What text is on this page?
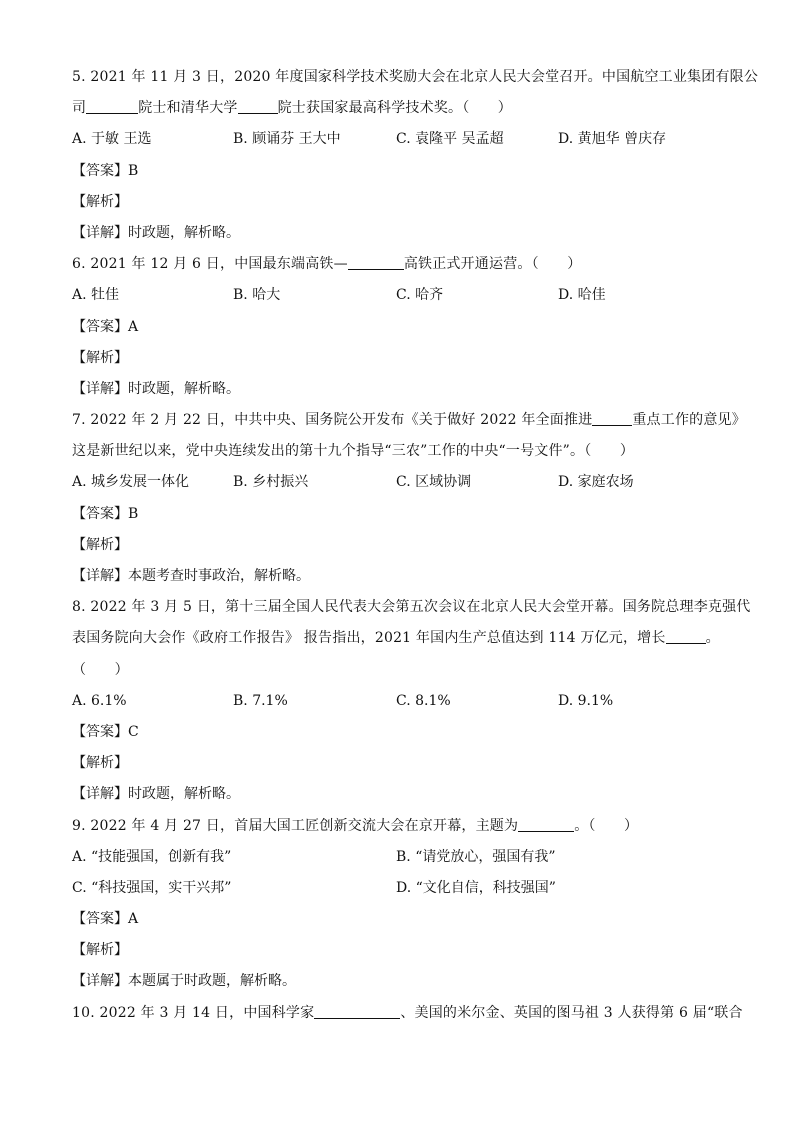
5. 2021 年 11 月 3 日，2020 年度国家科学技术奖励大会在北京人民大会堂召开。中国航空工业集团有限公
司	院士和清华大学	院士获国家最高科学技术奖。（　　）
A. 于敏 王选	B. 顾诵芬 王大中	C. 袁隆平 吴孟超	D. 黄旭华 曾庆存
【答案】B
【解析】
【详解】时政题，解析略。
6. 2021 年 12 月 6 日，中国最东端高铁—	高铁正式开通运营。（　　）
A. 牡佳	B. 哈大	C. 哈齐	D. 哈佳
【答案】A
【解析】
【详解】时政题，解析略。
7. 2022 年 2 月 22 日，中共中央、国务院公开发布《关于做好 2022 年全面推进	重点工作的意见》
这是新世纪以来，党中央连续发出的第十九个指导“三农”工作的中央“一号文件”。（　　）
A. 城乡发展一体化	B. 乡村振兴	C. 区域协调	D. 家庭农场
【答案】B
【解析】
【详解】本题考查时事政治，解析略。
8. 2022 年 3 月 5 日，第十三届全国人民代表大会第五次会议在北京人民大会堂开幕。国务院总理李克强代
表国务院向大会作《政府工作报告》 报告指出，2021 年国内生产总值达到 114 万亿元，增长	。
（　　）
A. 6.1%	B. 7.1%	C. 8.1%	D. 9.1%
【答案】C
【解析】
【详解】时政题，解析略。
9. 2022 年 4 月 27 日，首届大国工匠创新交流大会在京开幕，主题为	。（　　）
A. “技能强国，创新有我”	B. “请党放心，强国有我”
C. “科技强国，实干兴邦”	D. “文化自信，科技强国”
【答案】A
【解析】
【详解】本题属于时政题，解析略。
10. 2022 年 3 月 14 日，中国科学家	、美国的米尔金、英国的图马祖 3 人获得第 6 届“联合
